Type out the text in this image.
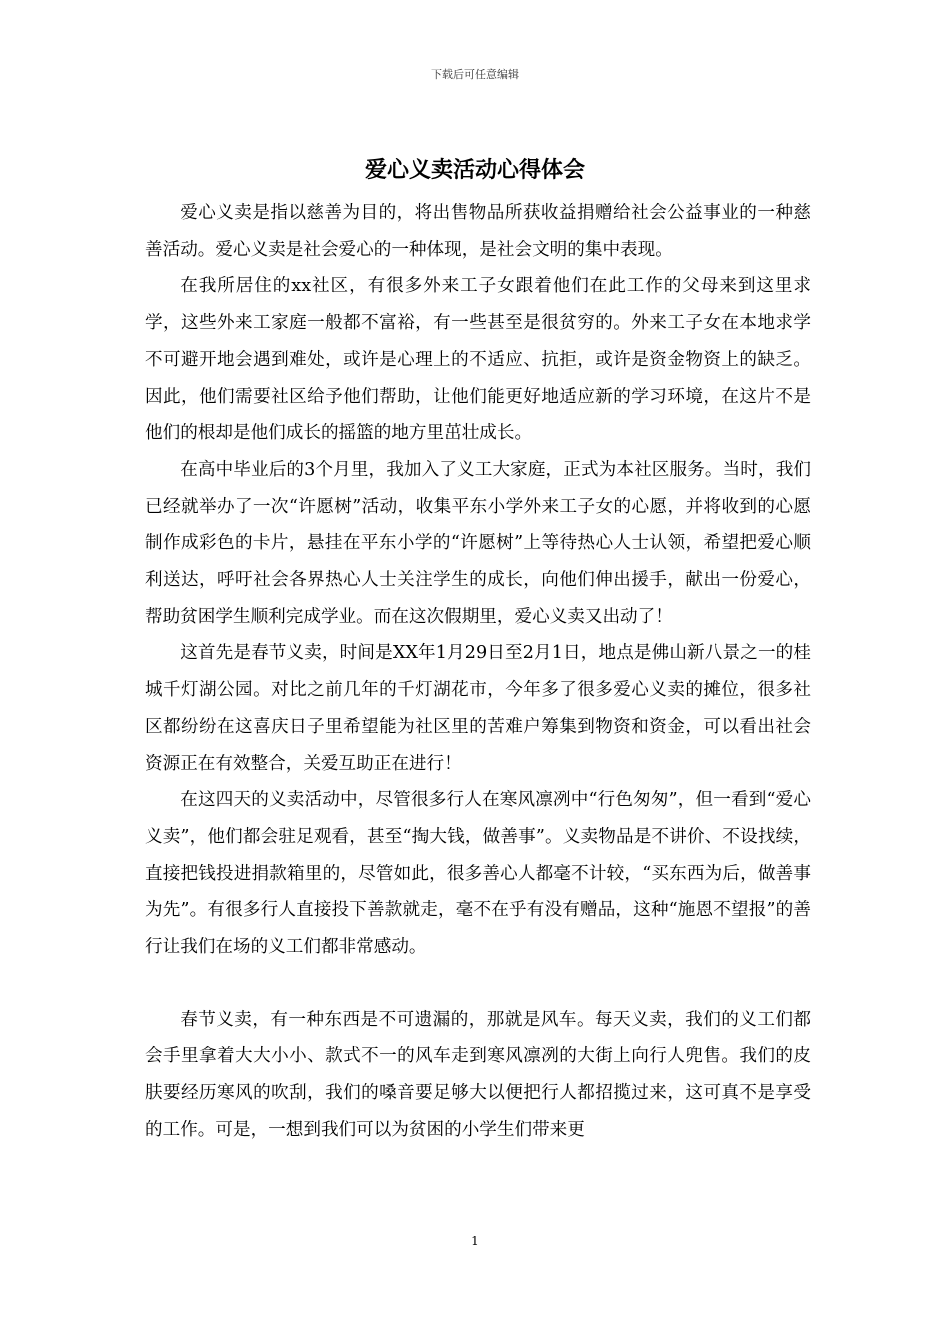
下载后可任意编辑
爱心义卖活动心得体会

爱心义卖是指以慈善为目的，将出售物品所获收益捐赠给社会公益事业的一种慈善活动。爱心义卖是社会爱心的一种体现，是社会文明的集中表现。

在我所居住的xx社区，有很多外来工子女跟着他们在此工作的父母来到这里求学，这些外来工家庭一般都不富裕，有一些甚至是很贫穷的。外来工子女在本地求学不可避开地会遇到难处，或许是心理上的不适应、抗拒，或许是资金物资上的缺乏。因此，他们需要社区给予他们帮助，让他们能更好地适应新的学习环境，在这片不是他们的根却是他们成长的摇篮的地方里茁壮成长。

在高中毕业后的3个月里，我加入了义工大家庭，正式为本社区服务。当时，我们已经就举办了一次“许愿树”活动，收集平东小学外来工子女的心愿，并将收到的心愿制作成彩色的卡片，悬挂在平东小学的“许愿树”上等待热心人士认领，希望把爱心顺利送达，呼吁社会各界热心人士关注学生的成长，向他们伸出援手，献出一份爱心，帮助贫困学生顺利完成学业。而在这次假期里，爱心义卖又出动了！

这首先是春节义卖，时间是XX年1月29日至2月1日，地点是佛山新八景之一的桂城千灯湖公园。对比之前几年的千灯湖花市，今年多了很多爱心义卖的摊位，很多社区都纷纷在这喜庆日子里希望能为社区里的苦难户筹集到物资和资金，可以看出社会资源正在有效整合，关爱互助正在进行！

在这四天的义卖活动中，尽管很多行人在寒风凛冽中“行色匆匆”，但一看到“爱心义卖”，他们都会驻足观看，甚至“掏大钱，做善事”。义卖物品是不讲价、不设找续，直接把钱投进捐款箱里的，尽管如此，很多善心人都毫不计较，“买东西为后，做善事为先”。有很多行人直接投下善款就走，毫不在乎有没有赠品，这种“施恩不望报”的善行让我们在场的义工们都非常感动。

春节义卖，有一种东西是不可遗漏的，那就是风车。每天义卖，我们的义工们都会手里拿着大大小小、款式不一的风车走到寒风凛冽的大街上向行人兜售。我们的皮肤要经历寒风的吹刮，我们的嗓音要足够大以便把行人都招揽过来，这可真不是享受的工作。可是，一想到我们可以为贫困的小学生们带来更

1
